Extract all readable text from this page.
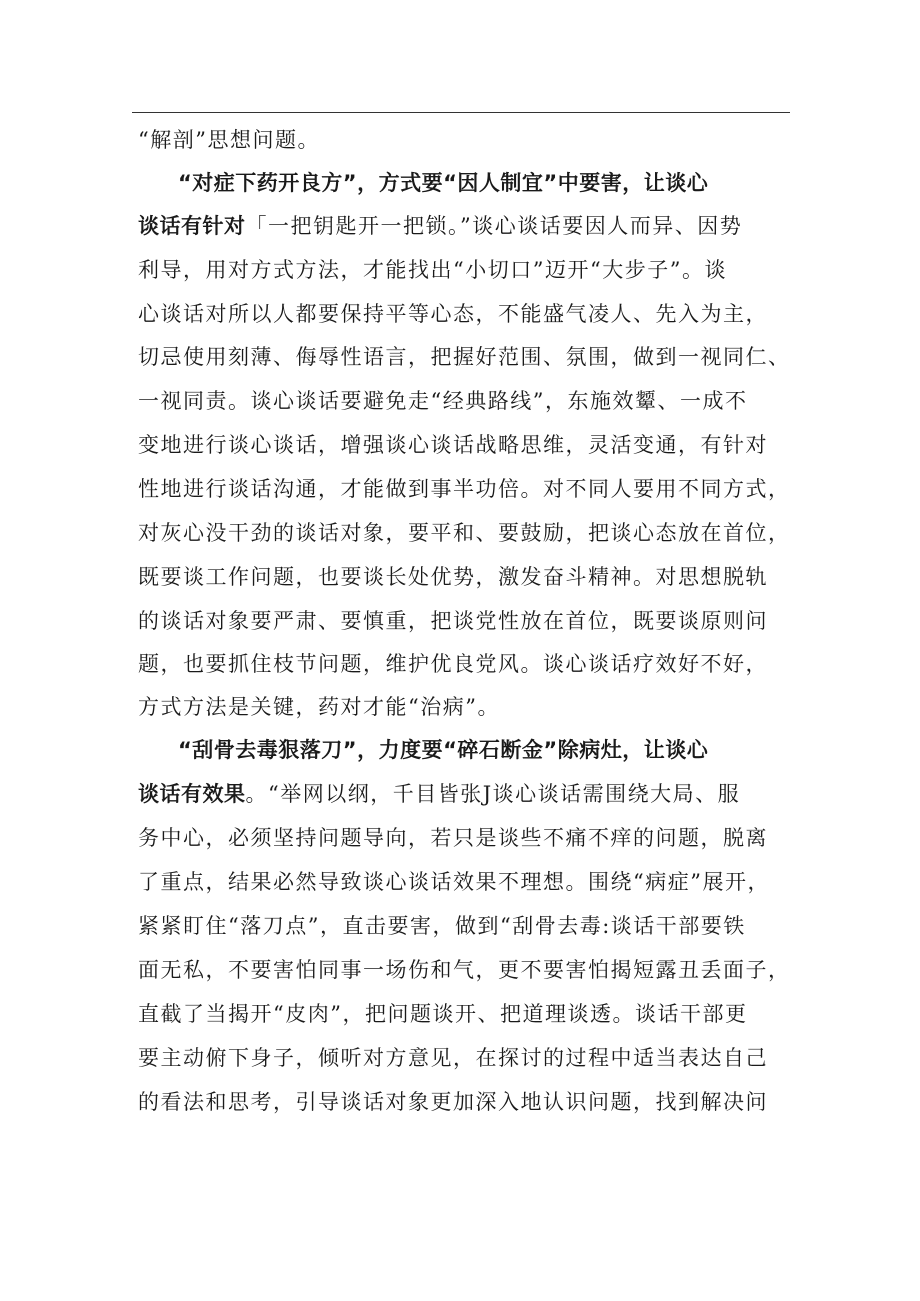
“解剖”思想问题。
“对症下药开良方”，方式要“因人制宜”中要害，让谈心
谈话有针对「一把钥匙开一把锁。”谈心谈话要因人而异、因势
利导，用对方式方法，才能找出“小切口”迈开“大步子”。谈
心谈话对所以人都要保持平等心态，不能盛气凌人、先入为主，
切忌使用刻薄、侮辱性语言，把握好范围、氛围，做到一视同仁、
一视同责。谈心谈话要避免走“经典路线”，东施效颦、一成不
变地进行谈心谈话，增强谈心谈话战略思维，灵活变通，有针对
性地进行谈话沟通，才能做到事半功倍。对不同人要用不同方式，
对灰心没干劲的谈话对象，要平和、要鼓励，把谈心态放在首位，
既要谈工作问题，也要谈长处优势，激发奋斗精神。对思想脱轨
的谈话对象要严肃、要慎重，把谈党性放在首位，既要谈原则问
题，也要抓住枝节问题，维护优良党风。谈心谈话疗效好不好，
方式方法是关键，药对才能“治病”。
“刮骨去毒狠落刀”，力度要“碎石断金”除病灶，让谈心
谈话有效果。“举网以纲，千目皆张J谈心谈话需围绕大局、服
务中心，必须坚持问题导向，若只是谈些不痛不痒的问题，脱离
了重点，结果必然导致谈心谈话效果不理想。围绕“病症”展开，
紧紧盯住“落刀点”，直击要害，做到“刮骨去毒:谈话干部要铁
面无私，不要害怕同事一场伤和气，更不要害怕揭短露丑丢面子，
直截了当揭开“皮肉”，把问题谈开、把道理谈透。谈话干部更
要主动俯下身子，倾听对方意见，在探讨的过程中适当表达自己
的看法和思考，引导谈话对象更加深入地认识问题，找到解决问
